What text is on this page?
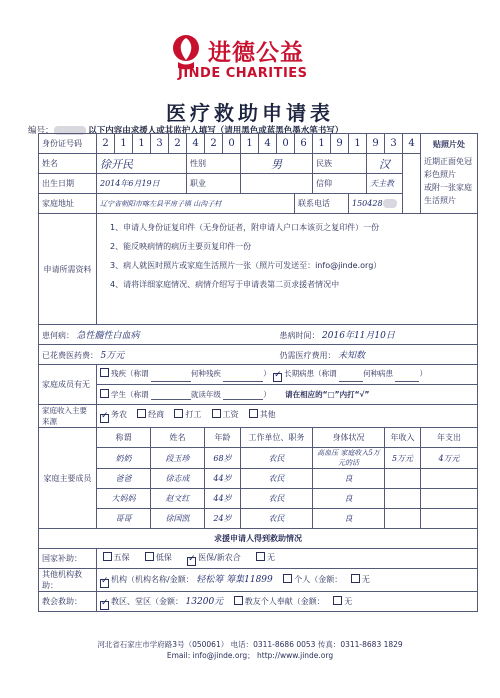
进德公益
JINDE CHARITIES
医疗救助申请表
编号：	以下内容由求援人或其监护人填写（请用黑色或蓝黑色墨水笔书写）
身份证号码	2	1	1	3	2	4	2	0	1	4	0	6	1	9	1	9	3	4	贴照片处
近期正面免冠彩色照片
或附一张家庭生活照片

姓名	徐开民					性别			男				民族			汉			
出生日期	2014年6月19日					职业							信仰			天主教			
家庭地址	辽宁省朝阳市喀左县平房子镇 山沟子村											联系电话			150428				
申请所需资料	1、申请人身份证复印件（无身份证者，附申请人户口本该页之复印件）一份

2、能反映病情的病历主要页复印件一份

3、病人就医时照片或家庭生活照片一张（照片可发送至：info@jinde.org）

4、请将详细家庭情况、病情介绍写于申请表第二页求援者情况中																		

患何病： 急性髓性白血病											患病时间： 2016年11月10日								
已花费医药费： 5万元											仍需医疗费用： 未知数								
家庭成员有无	残疾（称谓 何种残疾 ） ✓ 长期病患（称谓 何种病患 ）
	学生（称谓 就读年级 ） 请在相应的“□”内打“√”																		
家庭收入主要来源	✓务农 经商 打工 工资 其他
家庭主要成员	称谓			姓名			年龄		工作单位、职务				身体状况				年收入		年支出
	奶奶			段玉珍			68岁		农民				高血压 家庭收入5万元的话				5万元		4万元
	爸爸			徐志成			44岁		农民				良						
	大妈妈			赵文红			44岁		农民				良						
	哥哥			徐国凯			24岁		农民				良						
求援申请人得到救助情况																			
国家补助：	五保 低保 ✓ 医保/新农合 无
其他机构救助：	✓机构（机构名称/金额： 轻松筹 筹集11899 个人（金额： 无
教会救助：	✓教区、堂区（金额： 13200元 教友个人奉献（金额： 无
河北省石家庄市学府路3号（050061） 电话：0311-8686 0053 传真：0311-8683 1829
Email: info@jinde.org； http://www.jinde.org
